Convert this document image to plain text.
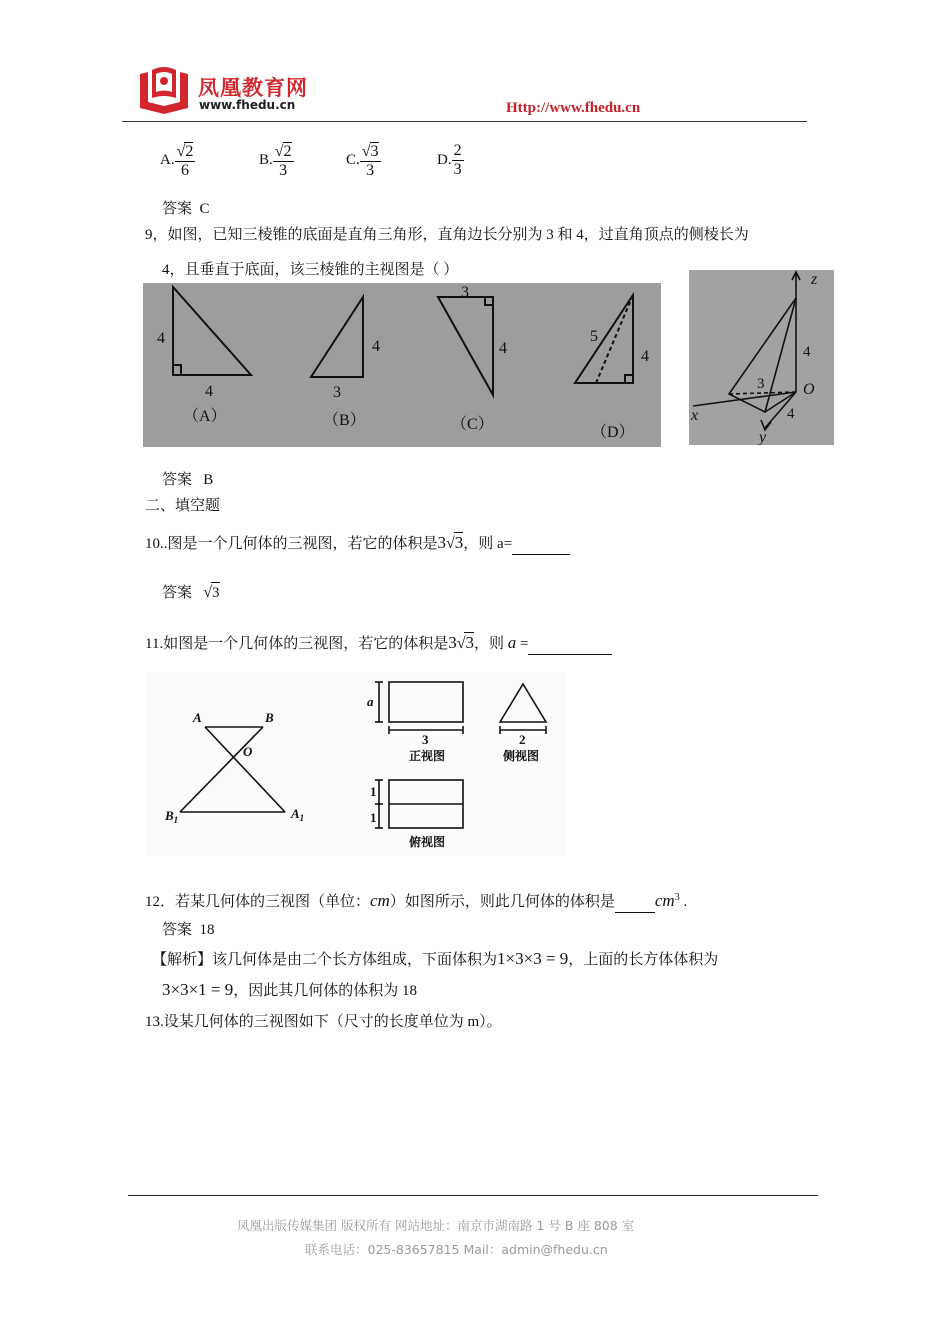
凤凰教育网
www.fhedu.cn	Http://www.fhedu.cn
A. $\frac{√2}{6}$	B. $\frac{√2}{3}$	C. $\frac{√3}{3}$	D. $\frac{2}{3}$
答案 C
9，如图，已知三棱锥的底面是直角三角形，直角边长分别为 3 和 4，过直角顶点的侧棱长为
4，且垂直于底面，该三棱锥的主视图是（ ）
4
4
（A）
4
3
（B）
3
4
（C）
5
4
（D）
z
x
y
O
4
3
4
答案 B
二、填空题
10..图是一个几何体的三视图，若它的体积是3√3，则 a=
答案 √3
11.如图是一个几何体的三视图，若它的体积是3√3，则 a =
A	B
O
$B_1$	$A_1$
a
3
正视图
2
侧视图
1
1
俯视图
12．若某几何体的三视图（单位：cm）如图所示，则此几何体的体积是 $cm^3$ .
答案 18
【解析】该几何体是由二个长方体组成，下面体积为1×3×3 = 9，上面的长方体体积为
3×3×1 = 9，因此其几何体的体积为 18
13.设某几何体的三视图如下（尺寸的长度单位为 m）。
凤凰出版传媒集团 版权所有 网站地址：南京市湖南路 1 号 B 座 808 室
联系电话：025-83657815 Mail：admin@fhedu.cn
